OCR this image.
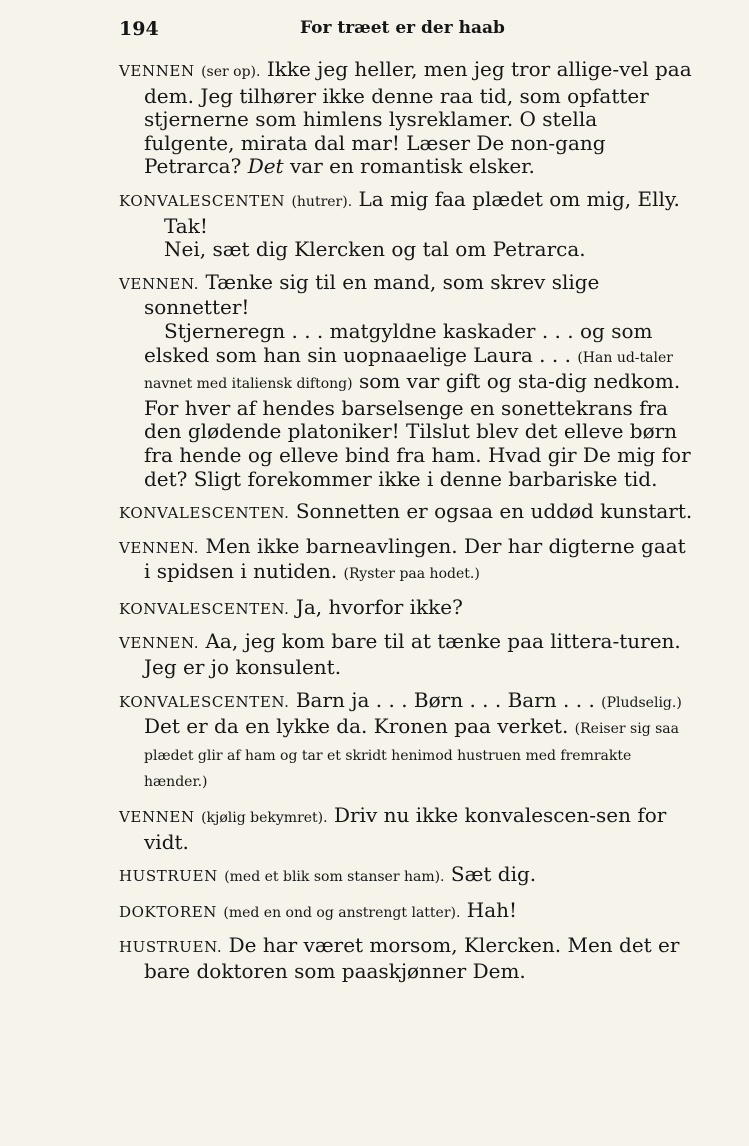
194	For træet er der haab

VENNEN (ser op). Ikke jeg heller, men jeg tror allige-vel paa dem. Jeg tilhører ikke denne raa tid, som opfatter stjernerne som himlens lysreklamer. O stella fulgente, mirata dal mar! Læser De non-gang Petrarca? Det var en romantisk elsker.

KONVALESCENTEN (hutrer). La mig faa plædet om mig, Elly.

Tak!

Nei, sæt dig Klercken og tal om Petrarca.

VENNEN. Tænke sig til en mand, som skrev slige sonnetter!

Stjerneregn . . . matgyldne kaskader . . . og som elsked som han sin uopnaaelige Laura . . . (Han ud-taler navnet med italiensk diftong) som var gift og sta-dig nedkom. For hver af hendes barselsenge en sonettekrans fra den glødende platoniker! Tilslut blev det elleve børn fra hende og elleve bind fra ham. Hvad gir De mig for det? Sligt forekommer ikke i denne barbariske tid.

KONVALESCENTEN. Sonnetten er ogsaa en uddød kunstart.

VENNEN. Men ikke barneavlingen. Der har digterne gaat i spidsen i nutiden. (Ryster paa hodet.)

KONVALESCENTEN. Ja, hvorfor ikke?

VENNEN. Aa, jeg kom bare til at tænke paa littera-turen. Jeg er jo konsulent.

KONVALESCENTEN. Barn ja . . . Børn . . . Barn . . . (Pludselig.) Det er da en lykke da. Kronen paa verket. (Reiser sig saa plædet glir af ham og tar et skridt henimod hustruen med fremrakte hænder.)

VENNEN (kjølig bekymret). Driv nu ikke konvalescen-sen for vidt.

HUSTRUEN (med et blik som stanser ham). Sæt dig.

DOKTOREN (med en ond og anstrengt latter). Hah!

HUSTRUEN. De har været morsom, Klercken. Men det er bare doktoren som paaskjønner Dem.
